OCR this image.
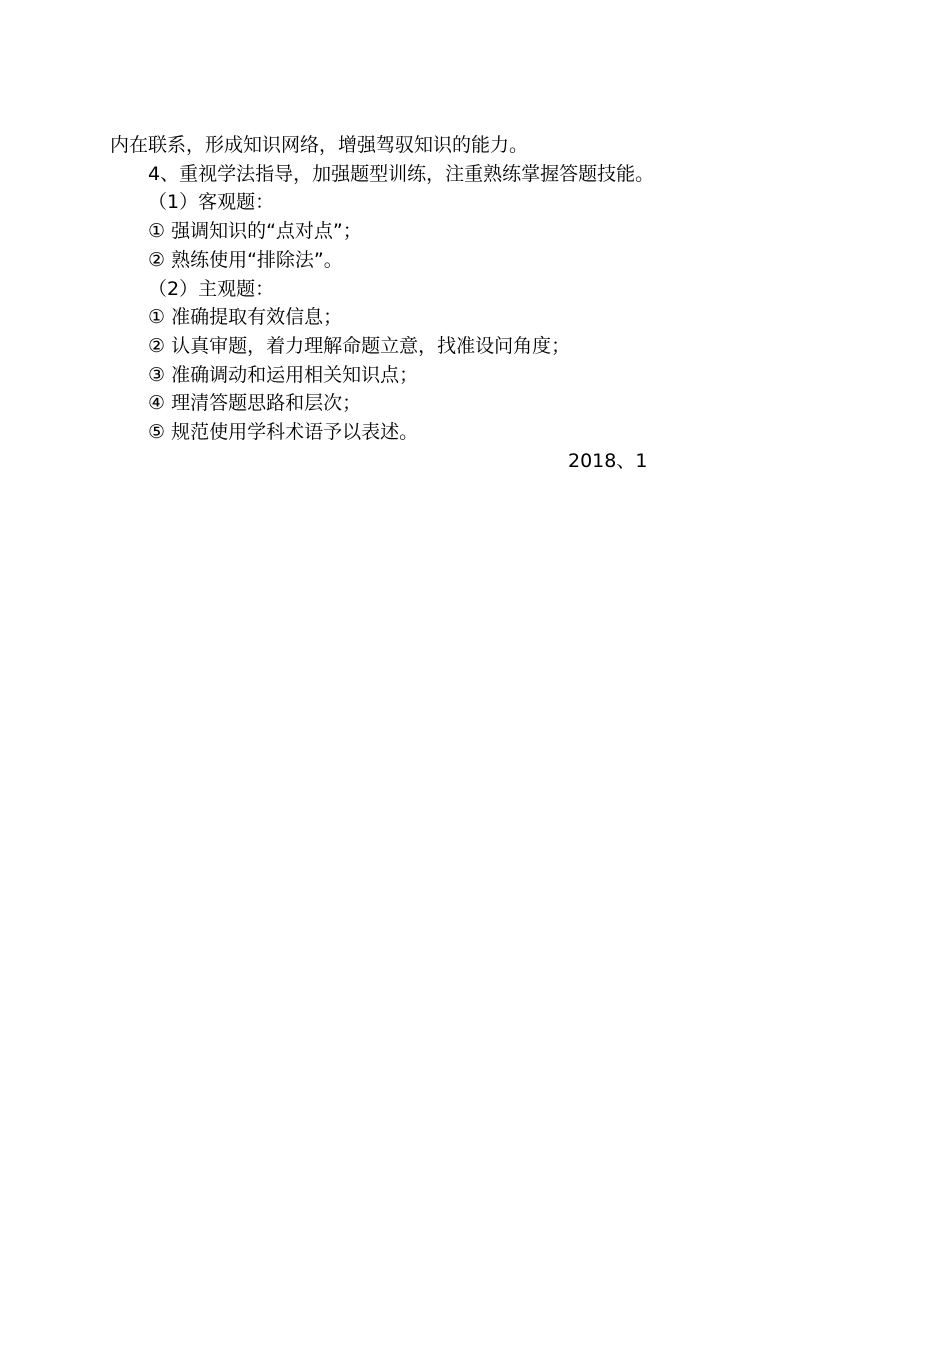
内在联系，形成知识网络，增强驾驭知识的能力。

4、重视学法指导，加强题型训练，注重熟练掌握答题技能。

（1）客观题：

① 强调知识的“点对点”；

② 熟练使用“排除法”。

（2）主观题：

① 准确提取有效信息；

② 认真审题，着力理解命题立意，找准设问角度；

③ 准确调动和运用相关知识点；

④ 理清答题思路和层次；

⑤ 规范使用学科术语予以表述。

2018、1
